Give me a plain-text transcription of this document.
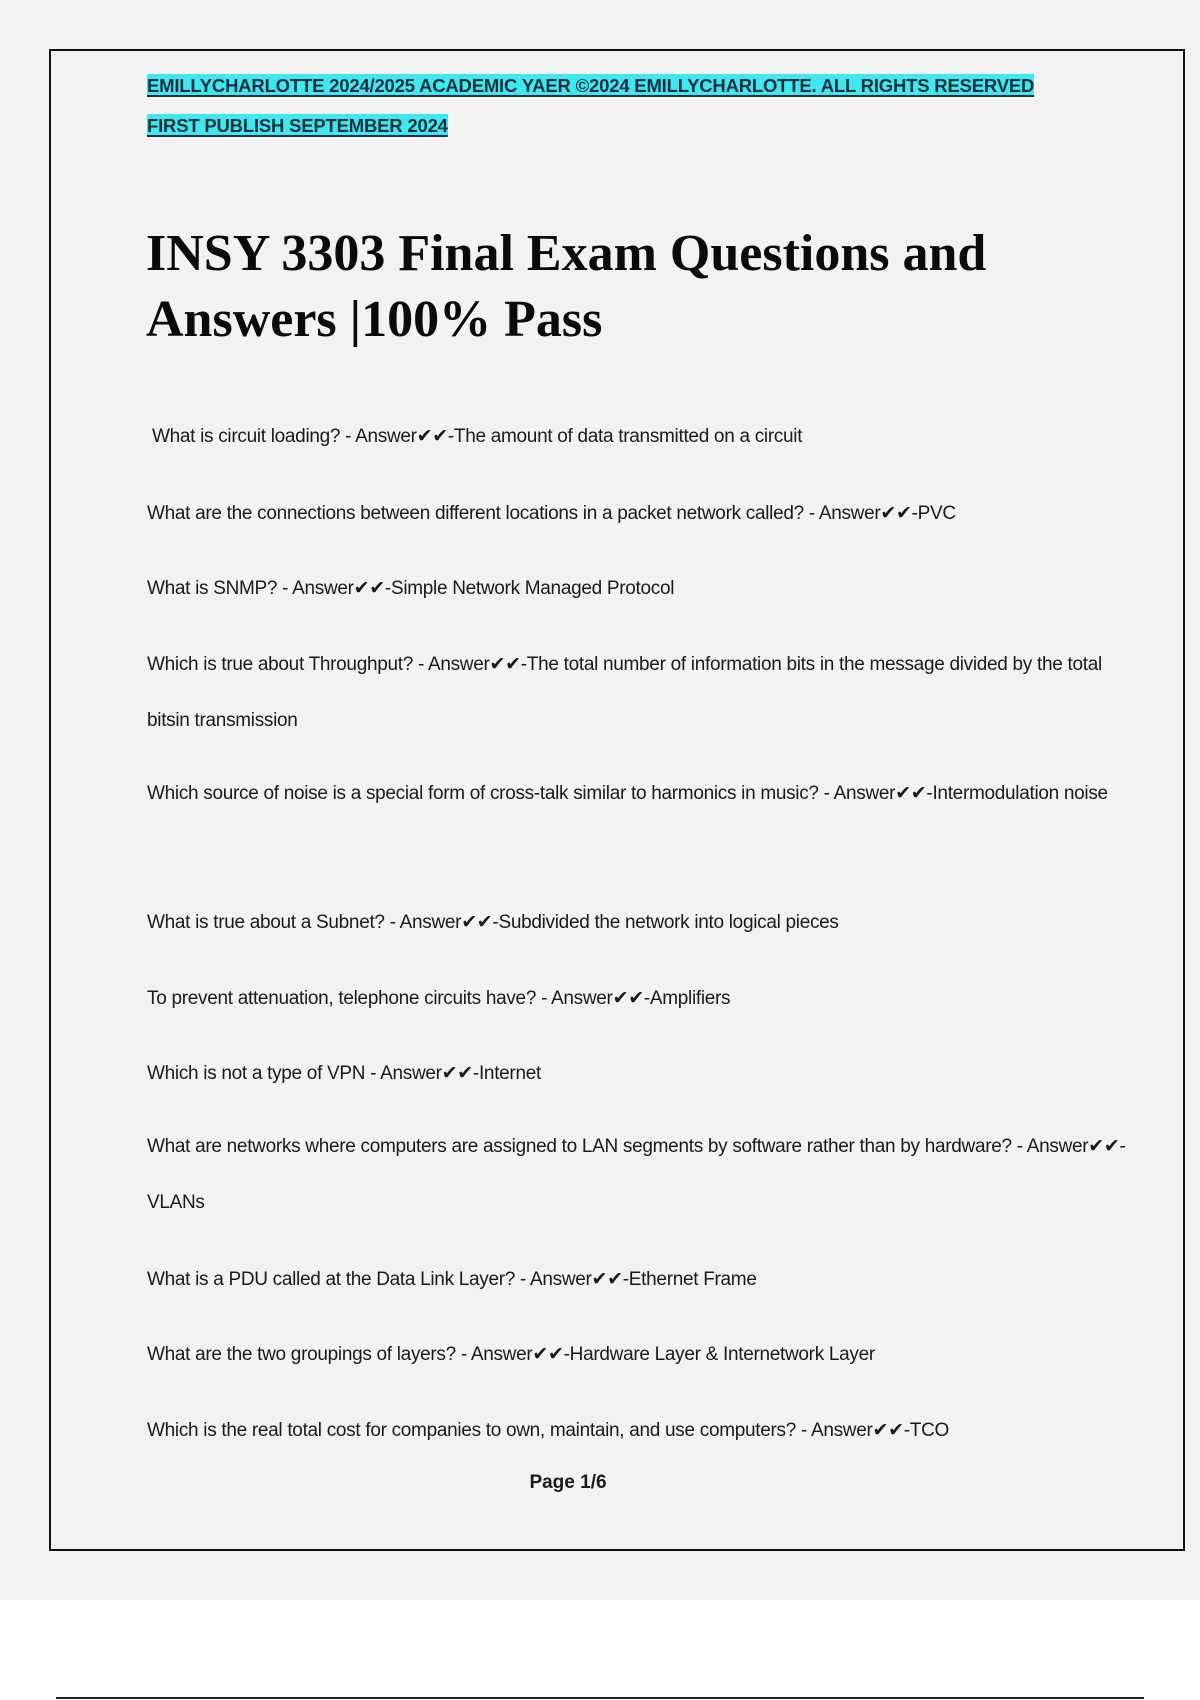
EMILLYCHARLOTTE 2024/2025 ACADEMIC YAER ©2024 EMILLYCHARLOTTE. ALL RIGHTS RESERVED
FIRST PUBLISH SEPTEMBER 2024
INSY 3303 Final Exam Questions and Answers |100% Pass

What is circuit loading? - Answer✔✔-The amount of data transmitted on a circuit

What are the connections between different locations in a packet network called? - Answer✔✔-PVC

What is SNMP? - Answer✔✔-Simple Network Managed Protocol

Which is true about Throughput? - Answer✔✔-The total number of information bits in the message divided by the total bitsin transmission

Which source of noise is a special form of cross-talk similar to harmonics in music? - Answer✔✔-Intermodulation noise

What is true about a Subnet? - Answer✔✔-Subdivided the network into logical pieces

To prevent attenuation, telephone circuits have? - Answer✔✔-Amplifiers

Which is not a type of VPN - Answer✔✔-Internet

What are networks where computers are assigned to LAN segments by software rather than by hardware? - Answer✔✔-VLANs

What is a PDU called at the Data Link Layer? - Answer✔✔-Ethernet Frame

What are the two groupings of layers? - Answer✔✔-Hardware Layer & Internetwork Layer

Which is the real total cost for companies to own, maintain, and use computers? - Answer✔✔-TCO

Page 1/6
